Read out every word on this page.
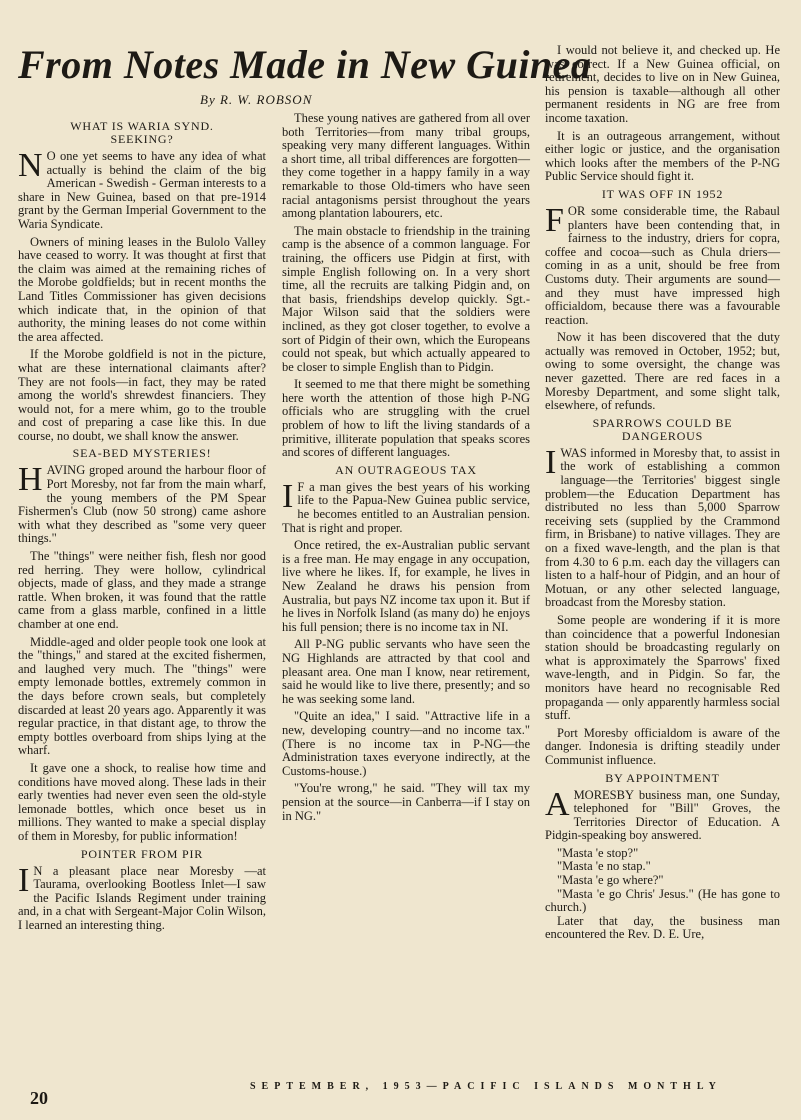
From Notes Made in New Guinea
By R. W. ROBSON
WHAT IS WARIA SYND.
SEEKING?

N O one yet seems to have any idea of what actually is behind the claim of the big American - Swedish - German interests to a share in New Guinea, based on that pre-1914 grant by the German Imperial Government to the Waria Syndicate.

Owners of mining leases in the Bulolo Valley have ceased to worry. It was thought at first that the claim was aimed at the remaining riches of the Morobe goldfields; but in recent months the Land Titles Commissioner has given decisions which indicate that, in the opinion of that authority, the mining leases do not come within the area affected.

If the Morobe goldfield is not in the picture, what are these international claimants after? They are not fools—in fact, they may be rated among the world's shrewdest financiers. They would not, for a mere whim, go to the trouble and cost of preparing a case like this. In due course, no doubt, we shall know the answer.

SEA-BED MYSTERIES!

HAVING groped around the harbour floor of Port Moresby, not far from the main wharf, the young members of the PM Spear Fishermen's Club (now 50 strong) came ashore with what they described as "some very queer things."

The "things" were neither fish, flesh nor good red herring. They were hollow, cylindrical objects, made of glass, and they made a strange rattle. When broken, it was found that the rattle came from a glass marble, confined in a little chamber at one end.

Middle-aged and older people took one look at the "things," and stared at the excited fishermen, and laughed very much. The "things" were empty lemonade bottles, extremely common in the days before crown seals, but completely discarded at least 20 years ago. Apparently it was regular practice, in that distant age, to throw the empty bottles overboard from ships lying at the wharf.

It gave one a shock, to realise how time and conditions have moved along. These lads in their early twenties had never even seen the old-style lemonade bottles, which once beset us in millions. They wanted to make a special display of them in Moresby, for public information!

POINTER FROM PIR

I N a pleasant place near Moresby —at Taurama, overlooking Bootless Inlet—I saw the Pacific Islands Regiment under training and, in a chat with Sergeant-Major Colin Wilson, I learned an interesting thing.

These young natives are gathered from all over both Territories—from many tribal groups, speaking very many different languages. Within a short time, all tribal differences are forgotten—they come together in a happy family in a way remarkable to those Old-timers who have seen racial antagonisms persist throughout the years among plantation labourers, etc.

The main obstacle to friendship in the training camp is the absence of a common language. For training, the officers use Pidgin at first, with simple English following on. In a very short time, all the recruits are talking Pidgin and, on that basis, friendships develop quickly. Sgt.-Major Wilson said that the soldiers were inclined, as they got closer together, to evolve a sort of Pidgin of their own, which the Europeans could not speak, but which actually appeared to be closer to simple English than to Pidgin.

It seemed to me that there might be something here worth the attention of those high P-NG officials who are struggling with the cruel problem of how to lift the living standards of a primitive, illiterate population that speaks scores and scores of different languages.

AN OUTRAGEOUS TAX

I F a man gives the best years of his working life to the Papua-New Guinea public service, he becomes entitled to an Australian pension. That is right and proper.

Once retired, the ex-Australian public servant is a free man. He may engage in any occupation, live where he likes. If, for example, he lives in New Zealand he draws his pension from Australia, but pays NZ income tax upon it. But if he lives in Norfolk Island (as many do) he enjoys his full pension; there is no income tax in NI.

All P-NG public servants who have seen the NG Highlands are attracted by that cool and pleasant area. One man I know, near retirement, said he would like to live there, presently; and so he was seeking some land.

"Quite an idea," I said. "Attractive life in a new, developing country—and no income tax." (There is no income tax in P-NG—the Administration taxes everyone indirectly, at the Customs-house.)

"You're wrong," he said. "They will tax my pension at the source—in Canberra—if I stay on in NG."

I would not believe it, and checked up. He was correct. If a New Guinea official, on retirement, decides to live on in New Guinea, his pension is taxable—although all other permanent residents in NG are free from income taxation.

It is an outrageous arrangement, without either logic or justice, and the organisation which looks after the members of the P-NG Public Service should fight it.

IT WAS OFF IN 1952

FOR some considerable time, the Rabaul planters have been contending that, in fairness to the industry, driers for copra, coffee and cocoa—such as Chula driers—coming in as a unit, should be free from Customs duty. Their arguments are sound—and they must have impressed high officialdom, because there was a favourable reaction.

Now it has been discovered that the duty actually was removed in October, 1952; but, owing to some oversight, the change was never gazetted. There are red faces in a Moresby Department, and some slight talk, elsewhere, of refunds.

SPARROWS COULD BE
DANGEROUS

IWAS informed in Moresby that, to assist in the work of establishing a common language—the Territories' biggest single problem—the Education Department has distributed no less than 5,000 Sparrow receiving sets (supplied by the Crammond firm, in Brisbane) to native villages. They are on a fixed wave-length, and the plan is that from 4.30 to 6 p.m. each day the villagers can listen to a half-hour of Pidgin, and an hour of Motuan, or any other selected language, broadcast from the Moresby station.

Some people are wondering if it is more than coincidence that a powerful Indonesian station should be broadcasting regularly on what is approximately the Sparrows' fixed wave-length, and in Pidgin. So far, the monitors have heard no recognisable Red propaganda — only apparently harmless social stuff.

Port Moresby officialdom is aware of the danger. Indonesia is drifting steadily under Communist influence.

BY APPOINTMENT

AMORESBY business man, one Sunday, telephoned for "Bill" Groves, the Territories Director of Education. A Pidgin-speaking boy answered.

"Masta 'e stop?"

"Masta 'e no stap."

"Masta 'e go where?"

"Masta 'e go Chris' Jesus." (He has gone to church.)

Later that day, the business man encountered the Rev. D. E. Ure,

20
SEPTEMBER, 1953—PACIFIC ISLANDS MONTHLY
